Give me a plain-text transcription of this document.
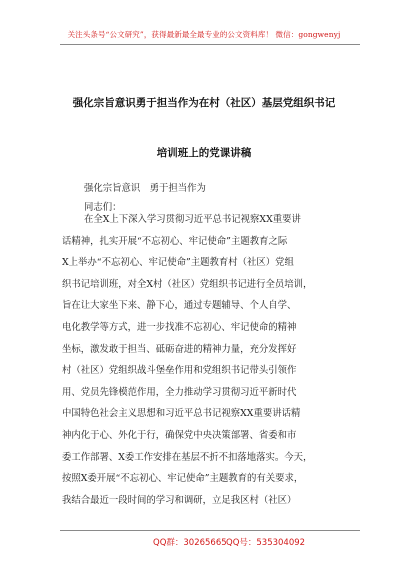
关注头条号“公文研究”，获得最新最全最专业的公文资料库！ 微信：gongwenyj
强化宗旨意识勇于担当作为在村（社区）基层党组织书记
培训班上的党课讲稿
强化宗旨意识　勇于担当作为
同志们：
在全X上下深入学习贯彻习近平总书记视察XX重要讲
话精神，扎实开展“不忘初心、牢记使命”主题教育之际
X上举办“不忘初心、牢记使命”主题教育村（社区）党组
织书记培训班，对全X村（社区）党组织书记进行全员培训，
旨在让大家坐下来、静下心，通过专题辅导、个人自学、
电化教学等方式，进一步找准不忘初心、牢记使命的精神
坐标，激发敢于担当、砥砺奋进的精神力量，充分发挥好
村（社区）党组织战斗堡垒作用和党组织书记带头引领作
用、党员先锋模范作用，全力推动学习贯彻习近平新时代
中国特色社会主义思想和习近平总书记视察XX重要讲话精
神内化于心、外化于行，确保党中央决策部署、省委和市
委工作部署、X委工作安排在基层不折不扣落地落实。今天，
按照X委开展“不忘初心、牢记使命”主题教育的有关要求，
我结合最近一段时间的学习和调研，立足我区村（社区）
QQ群：30265665 QQ号：535304092
